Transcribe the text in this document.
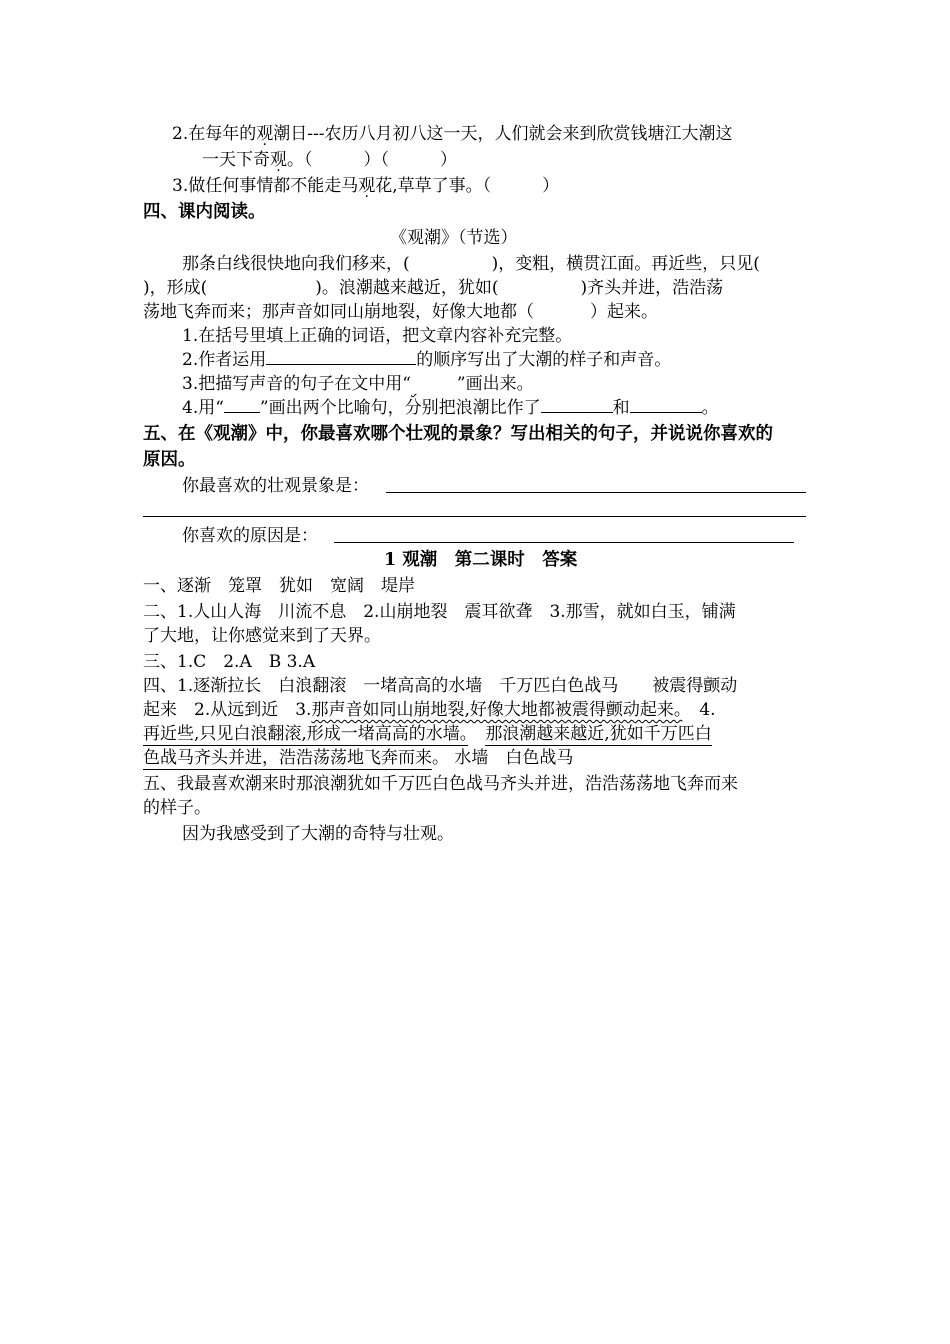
2.在每年的观潮日---农历八月初八这一天，人们就会来到欣赏钱塘江大潮这
一天下奇观。（　　　）（　　　）
3.做任何事情都不能走马观花,草草了事。（　　　）
四、课内阅读。
《观潮》（节选）
那条白线很快地向我们移来，(	)，变粗，横贯江面。再近些，只见(
)，形成(	)。浪潮越来越近，犹如(	)齐头并进，浩浩荡
荡地飞奔而来；那声音如同山崩地裂，好像大地都（	）起来。
1.在括号里填上正确的词语，把文章内容补充完整。
2.作者运用	的顺序写出了大潮的样子和声音。
3.把描写声音的句子在文中用“	”画出来。
4.用“ ”画出两个比喻句，分别把浪潮比作了	和	。
五、在《观潮》中，你最喜欢哪个壮观的景象？写出相关的句子，并说说你喜欢的
原因。
你最喜欢的壮观景象是：
你喜欢的原因是：
1 观潮　第二课时　答案
一、逐渐　笼罩　犹如　宽阔　堤岸
二、1.人山人海　川流不息　2.山崩地裂　震耳欲聋　3.那雪，就如白玉，铺满
了大地，让你感觉来到了天界。
三、1.C　2.A　B 3.A
四、1.逐渐拉长　白浪翻滚　一堵高高的水墙　千万匹白色战马　　被震得颤动
起来　2.从远到近　3.那声音如同山崩地裂,好像大地都被震得颤动起来。　4.
再近些,只见白浪翻滚,形成一堵高高的水墙。　 那浪潮越来越近,犹如千万匹白
色战马齐头并进，浩浩荡荡地飞奔而来。 水墙　白色战马
五、我最喜欢潮来时那浪潮犹如千万匹白色战马齐头并进，浩浩荡荡地飞奔而来
的样子。
因为我感受到了大潮的奇特与壮观。
